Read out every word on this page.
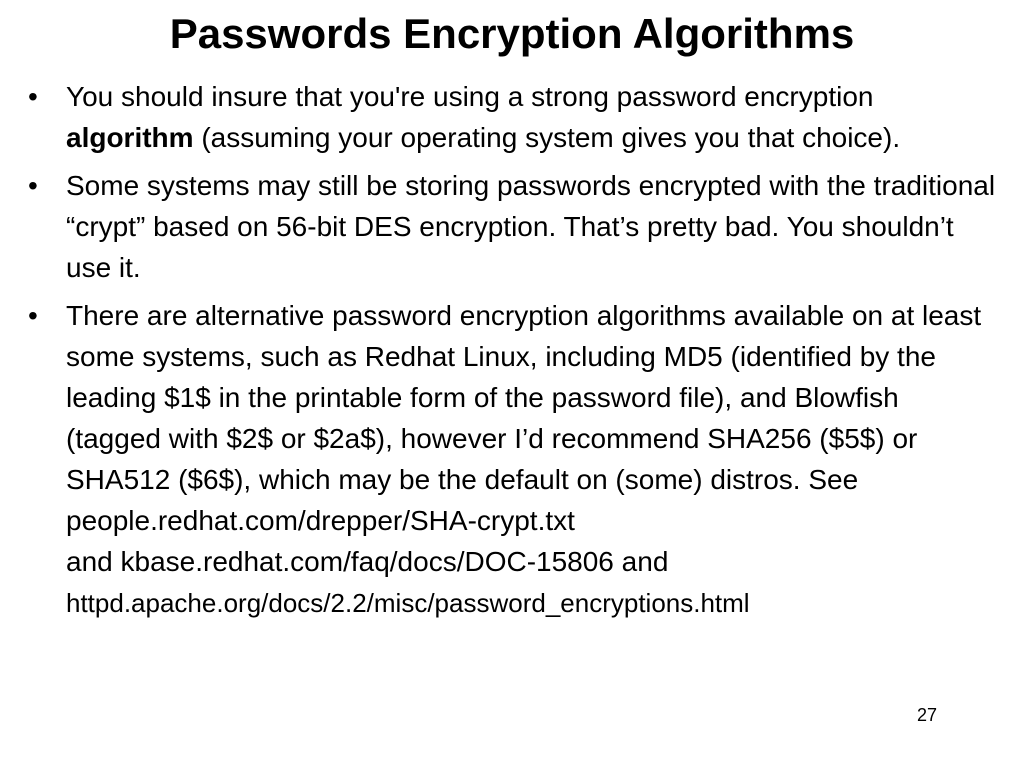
Passwords Encryption Algorithms
•	You should insure that you're using a strong password encryption algorithm (assuming your operating system gives you that choice).
•	Some systems may still be storing passwords encrypted with the traditional “crypt” based on 56-bit DES encryption. That’s pretty bad. You shouldn’t use it.
•	There are alternative password encryption algorithms available on at least some systems, such as Redhat Linux, including MD5 (identified by the leading $1$ in the printable form of the password file), and Blowfish (tagged with $2$ or $2a$), however I’d recommend SHA256 ($5$) or SHA512 ($6$), which may be the default on (some) distros. See people.redhat.com/drepper/SHA-crypt.txt
and kbase.redhat.com/faq/docs/DOC-15806 and
httpd.apache.org/docs/2.2/misc/password_encryptions.html
27
